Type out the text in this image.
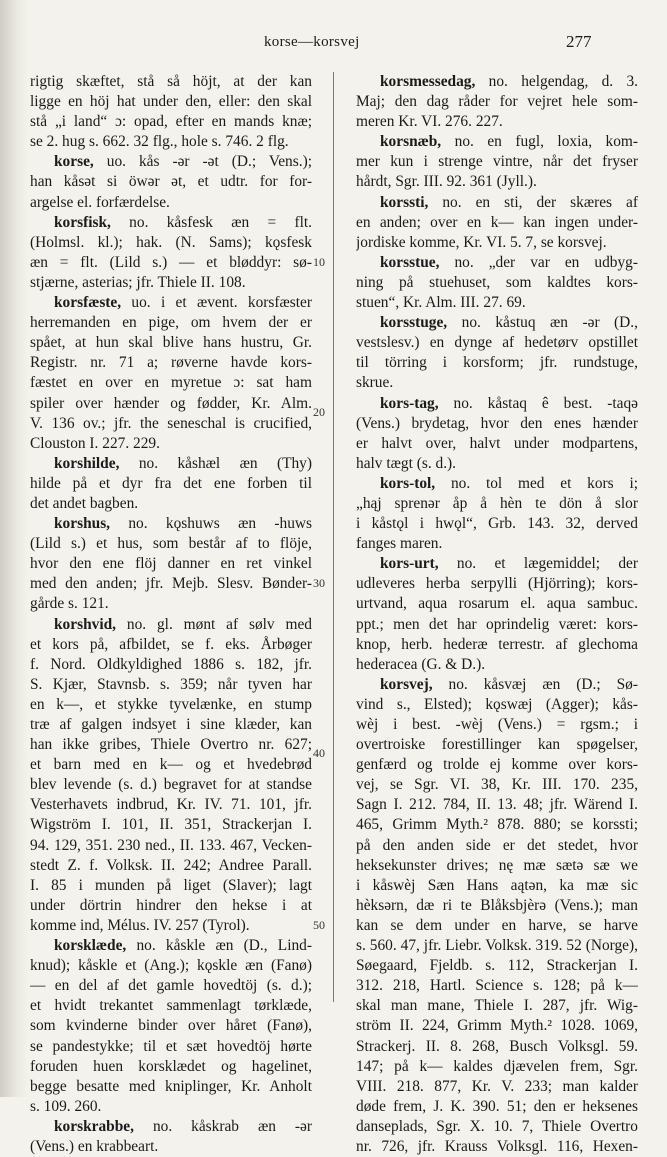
korse—korsvej	277
rigtig skæftet, stå så höjt, at der kan
ligge en höj hat under den, eller: den skal
stå „i land“ ɔ: opad, efter en mands knæ;
se 2. hug s. 662. 32 flg., hole s. 746. 2 flg.
korse, uo. kås -ər -ət (D.; Vens.);
han kåsət si öwər ət, et udtr. for for-
argelse el. forfærdelse.
korsfisk, no. kåsfesk æn = flt.
(Holmsl. kl.); hak. (N. Sams); kǫsfesk
æn = flt. (Lild s.) — et bløddyr: sø-
stjærne, asterias; jfr. Thiele II. 108.
korsfæste, uo. i et ævent. korsfæster
herremanden en pige, om hvem der er
spået, at hun skal blive hans hustru, Gr.
Registr. nr. 71 a; røverne havde kors-
fæstet en over en myretue ɔ: sat ham
spiler over hænder og fødder, Kr. Alm.
V. 136 ov.; jfr. the seneschal is crucified,
Clouston I. 227. 229.
korshilde, no. kåshæl æn (Thy)
hilde på et dyr fra det ene forben til
det andet bagben.
korshus, no. kǫshuws æn -huws
(Lild s.) et hus, som består af to flöje,
hvor den ene flöj danner en ret vinkel
med den anden; jfr. Mejb. Slesv. Bønder-
gårde s. 121.
korshvid, no. gl. mønt af sølv med
et kors på, afbildet, se f. eks. Årbøger
f. Nord. Oldkyldighed 1886 s. 182, jfr.
S. Kjær, Stavnsb. s. 359; når tyven har
en k—, et stykke tyvelænke, en stump
træ af galgen indsyet i sine klæder, kan
han ikke gribes, Thiele Overtro nr. 627;
et barn med en k— og et hvedebrød
blev levende (s. d.) begravet for at standse
Vesterhavets indbrud, Kr. IV. 71. 101, jfr.
Wigström I. 101, II. 351, Strackerjan I.
94. 129, 351. 230 ned., II. 133. 467, Vecken-
stedt Z. f. Volksk. II. 242; Andree Parall.
I. 85 i munden på liget (Slaver); lagt
under dörtrin hindrer den hekse i at
komme ind, Mélus. IV. 257 (Tyrol).
korsklæde, no. kåskle æn (D., Lind-
knud); kåskle et (Ang.); kǫskle æn (Fanø)
— en del af det gamle hovedtöj (s. d.);
et hvidt trekantet sammenlagt tørklæde,
som kvinderne binder over håret (Fanø),
se pandestykke; til et sæt hovedtöj hørte
foruden huen korsklædet og hagelinet,
begge besatte med kniplinger, Kr. Anholt
s. 109. 260.
korskrabbe, no. kåskrab æn -ər
(Vens.) en krabbeart.
korsmessedag, no. helgendag, d. 3.
Maj; den dag råder for vejret hele som-
meren Kr. VI. 276. 227.
korsnæb, no. en fugl, loxia, kom-
mer kun i strenge vintre, når det fryser
hårdt, Sgr. III. 92. 361 (Jyll.).
korssti, no. en sti, der skæres af
en anden; over en k— kan ingen under-
jordiske komme, Kr. VI. 5. 7, se korsvej.
korsstue, no. „der var en udbyg-
ning på stuehuset, som kaldtes kors-
stuen“, Kr. Alm. III. 27. 69.
korsstuge, no. kåstuq æn -ər (D.,
vestslesv.) en dynge af hedetørv opstillet
til törring i korsform; jfr. rundstuge,
skrue.
kors-tag, no. kåstaq ê best. -taqə
(Vens.) brydetag, hvor den enes hænder
er halvt over, halvt under modpartens,
halv tægt (s. d.).
kors-tol, no. tol med et kors i;
„hąj sprenər åp å hèn te dön å slor
i kåstǫl i hwǫl“, Grb. 143. 32, derved
fanges maren.
kors-urt, no. et lægemiddel; der
udleveres herba serpylli (Hjörring); kors-
urtvand, aqua rosarum el. aqua sambuc.
ppt.; men det har oprindelig været: kors-
knop, herb. hederæ terrestr. af glechoma
hederacea (G. & D.).
korsvej, no. kåsvæj æn (D.; Sø-
vind s., Elsted); kǫswæj (Agger); kås-
wèj i best. -wèj (Vens.) = rgsm.; i
overtroiske forestillinger kan spøgelser,
genfærd og trolde ej komme over kors-
vej, se Sgr. VI. 38, Kr. III. 170. 235,
Sagn I. 212. 784, II. 13. 48; jfr. Wärend I.
465, Grimm Myth.² 878. 880; se korssti;
på den anden side er det stedet, hvor
heksekunster drives; nę mæ sætə sæ we
i kåswèj Sæn Hans aątən, ka mæ sic
hèksərn, dæ ri te Blåksbjèrə (Vens.); man
kan se dem under en harve, se harve
s. 560. 47, jfr. Liebr. Volksk. 319. 52 (Norge),
Søegaard, Fjeldb. s. 112, Strackerjan I.
312. 218, Hartl. Science s. 128; på k—
skal man mane, Thiele I. 287, jfr. Wig-
ström II. 224, Grimm Myth.² 1028. 1069,
Strackerj. II. 8. 268, Busch Volksgl. 59.
147; på k— kaldes djævelen frem, Sgr.
VIII. 218. 877, Kr. V. 233; man kalder
døde frem, J. K. 390. 51; den er heksenes
danseplads, Sgr. X. 10. 7, Thiele Overtro
nr. 726, jfr. Krauss Volksgl. 116, Hexen-
10
20
30
40
50
